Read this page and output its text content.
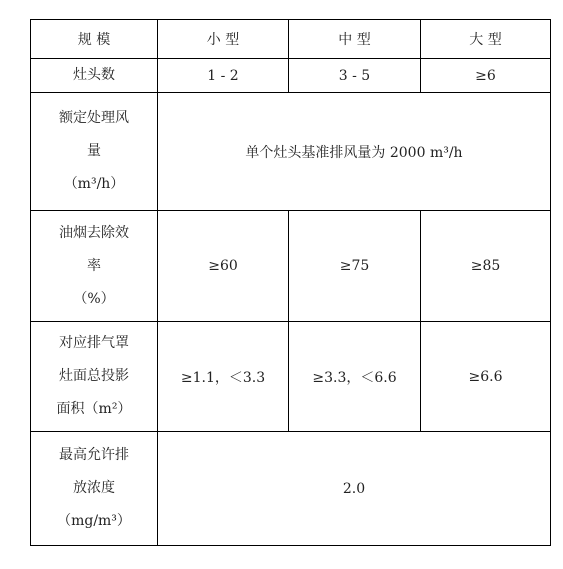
规 模	小 型	中 型	大 型

灶头数	1 - 2	3 - 5	≥6

额定处理风
量
（m³/h）	单个灶头基准排风量为 2000 m³/h		

油烟去除效
率
（%）	≥60	≥75	≥85

对应排气罩
灶面总投影
面积（m²）	≥1.1，＜3.3	≥3.3，＜6.6	≥6.6

最高允许排
放浓度
（mg/m³）	2.0		
